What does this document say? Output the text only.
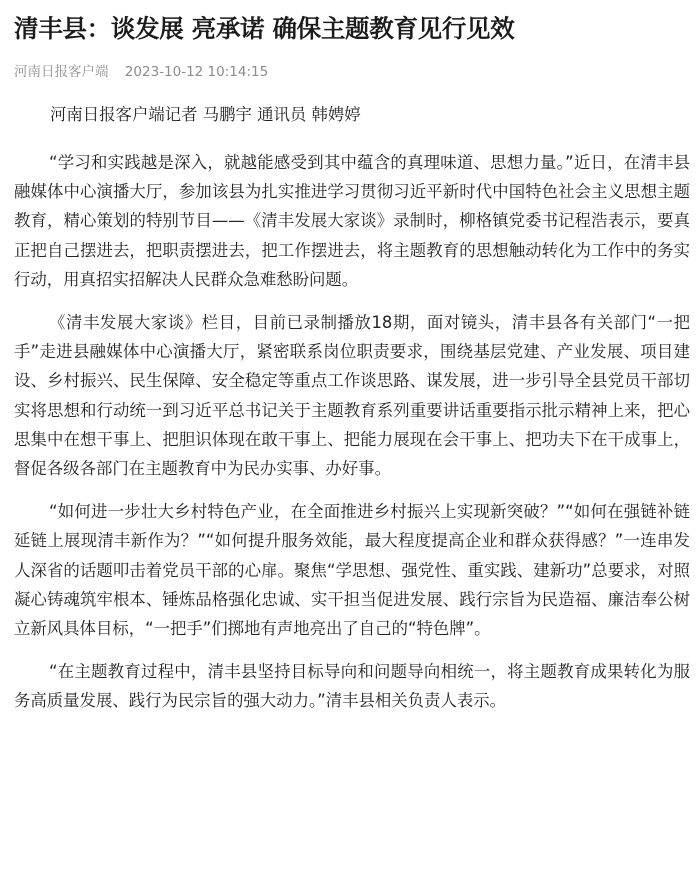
清丰县：谈发展 亮承诺 确保主题教育见行见效
河南日报客户端 2023-10-12 10:14:15
河南日报客户端记者 马鹏宇 通讯员 韩娉婷

“学习和实践越是深入，就越能感受到其中蕴含的真理味道、思想力量。”近日，在清丰县融媒体中心演播大厅，参加该县为扎实推进学习贯彻习近平新时代中国特色社会主义思想主题教育，精心策划的特别节目——《清丰发展大家谈》录制时，柳格镇党委书记程浩表示，要真正把自己摆进去，把职责摆进去，把工作摆进去，将主题教育的思想触动转化为工作中的务实行动，用真招实招解决人民群众急难愁盼问题。

《清丰发展大家谈》栏目，目前已录制播放18期，面对镜头，清丰县各有关部门“一把手”走进县融媒体中心演播大厅，紧密联系岗位职责要求，围绕基层党建、产业发展、项目建设、乡村振兴、民生保障、安全稳定等重点工作谈思路、谋发展，进一步引导全县党员干部切实将思想和行动统一到习近平总书记关于主题教育系列重要讲话重要指示批示精神上来，把心思集中在想干事上、把胆识体现在敢干事上、把能力展现在会干事上、把功夫下在干成事上，督促各级各部门在主题教育中为民办实事、办好事。

“如何进一步壮大乡村特色产业，在全面推进乡村振兴上实现新突破？”“如何在强链补链延链上展现清丰新作为？”“如何提升服务效能，最大程度提高企业和群众获得感？”一连串发人深省的话题叩击着党员干部的心扉。聚焦“学思想、强党性、重实践、建新功”总要求，对照凝心铸魂筑牢根本、锤炼品格强化忠诚、实干担当促进发展、践行宗旨为民造福、廉洁奉公树立新风具体目标，“一把手”们掷地有声地亮出了自己的“特色牌”。

“在主题教育过程中，清丰县坚持目标导向和问题导向相统一，将主题教育成果转化为服务高质量发展、践行为民宗旨的强大动力。”清丰县相关负责人表示。
